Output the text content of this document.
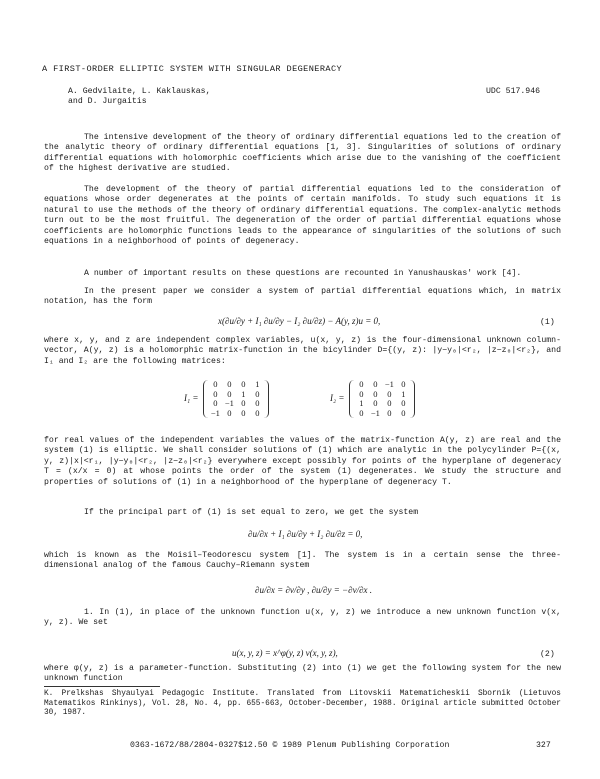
A FIRST-ORDER ELLIPTIC SYSTEM WITH SINGULAR DEGENERACY
A. Gedvilaite, L. Kaklauskas,
and D. Jurgaitis
UDC 517.946
The intensive development of the theory of ordinary differential equations led to the creation of the analytic theory of ordinary differential equations [1, 3]. Singularities of solutions of ordinary differential equations with holomorphic coefficients which arise due to the vanishing of the coefficient of the highest derivative are studied.
The development of the theory of partial differential equations led to the consideration of equations whose order degenerates at the points of certain manifolds. To study such equations it is natural to use the methods of the theory of ordinary differential equations. The complex-analytic methods turn out to be the most fruitful. The degeneration of the order of partial differential equations whose coefficients are holomorphic functions leads to the appearance of singularities of the solutions of such equations in a neighborhood of points of degeneracy.
A number of important results on these questions are recounted in Yanushauskas' work [4].
In the present paper we consider a system of partial differential equations which, in matrix notation, has the form
x(∂u/∂y + I₁ ∂u/∂y − I₂ ∂u/∂z) − A(y, z)u = 0,	(1)
where x, y, and z are independent complex variables, u(x, y, z) is the four-dimensional unknown column-vector, A(y, z) is a holomorphic matrix-function in the bicylinder D={(y, z): |y−y₀|<r₂, |z−z₀|<r₂}, and I₁ and I₂ are the following matrices:
I₁ =
0	0	0	1
0	0	1	0
0	−1	0	0
−1	0	0	0
I₂ =
0	0	−1	0
0	0	0	1
1	0	0	0
0	−1	0	0
for real values of the independent variables the values of the matrix-function A(y, z) are real and the system (1) is elliptic. We shall consider solutions of (1) which are analytic in the polycylinder P={(x, y, z)|x|<r₁, |y−y₀|<r₂, |z−z₀|<r₂} everywhere except possibly for points of the hyperplane of degeneracy T = (x/x = 0) at whose points the order of the system (1) degenerates. We study the structure and properties of solutions of (1) in a neighborhood of the hyperplane of degeneracy T.
If the principal part of (1) is set equal to zero, we get the system
∂u/∂x + I₁ ∂u/∂y + I₂ ∂u/∂z = 0,
which is known as the Moisil–Teodorescu system [1]. The system is in a certain sense the three-dimensional analog of the famous Cauchy–Riemann system
∂u/∂x = ∂v/∂y , ∂u/∂y = −∂v/∂x .
1. In (1), in place of the unknown function u(x, y, z) we introduce a new unknown function v(x, y, z). We set
u(x, y, z) = x^φ(y, z) v(x, y, z),	(2)
where φ(y, z) is a parameter-function. Substituting (2) into (1) we get the following system for the new unknown function
K. Prelkshas Shyaulyai Pedagogic Institute. Translated from Litovskii Matematicheskii Sbornik (Lietuvos Matematikos Rinkinys), Vol. 28, No. 4, pp. 655-663, October-December, 1988. Original article submitted October 30, 1987.
0363-1672/88/2804-0327$12.50 © 1989 Plenum Publishing Corporation	327
